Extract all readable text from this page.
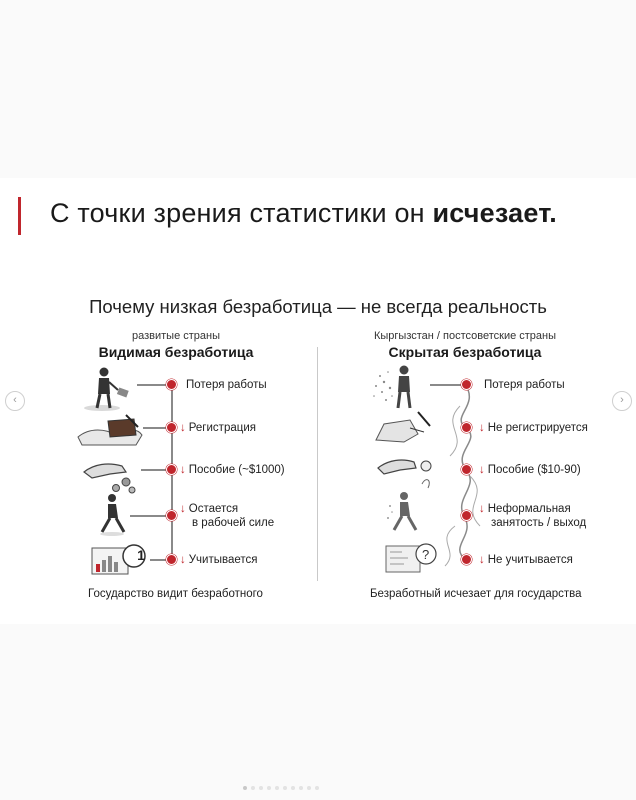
С точки зрения статистики он исчезает.
Почему низкая безработица — не всегда реальность
развитые страны
Видимая безработица
Кыргызстан / постсоветские страны
Скрытая безработица
Потеря работы
↓ Регистрация
↓ Пособие (~$1000)
↓ Остается
в рабочей силе
↓ Учитывается
Потеря работы
↓ Не регистрируется
↓ Пособие ($10-90)
↓ Неформальная
занятость / выход
↓ Не учитывается
1	?
Государство видит безработного	Безработный исчезает для государства
‹	›
